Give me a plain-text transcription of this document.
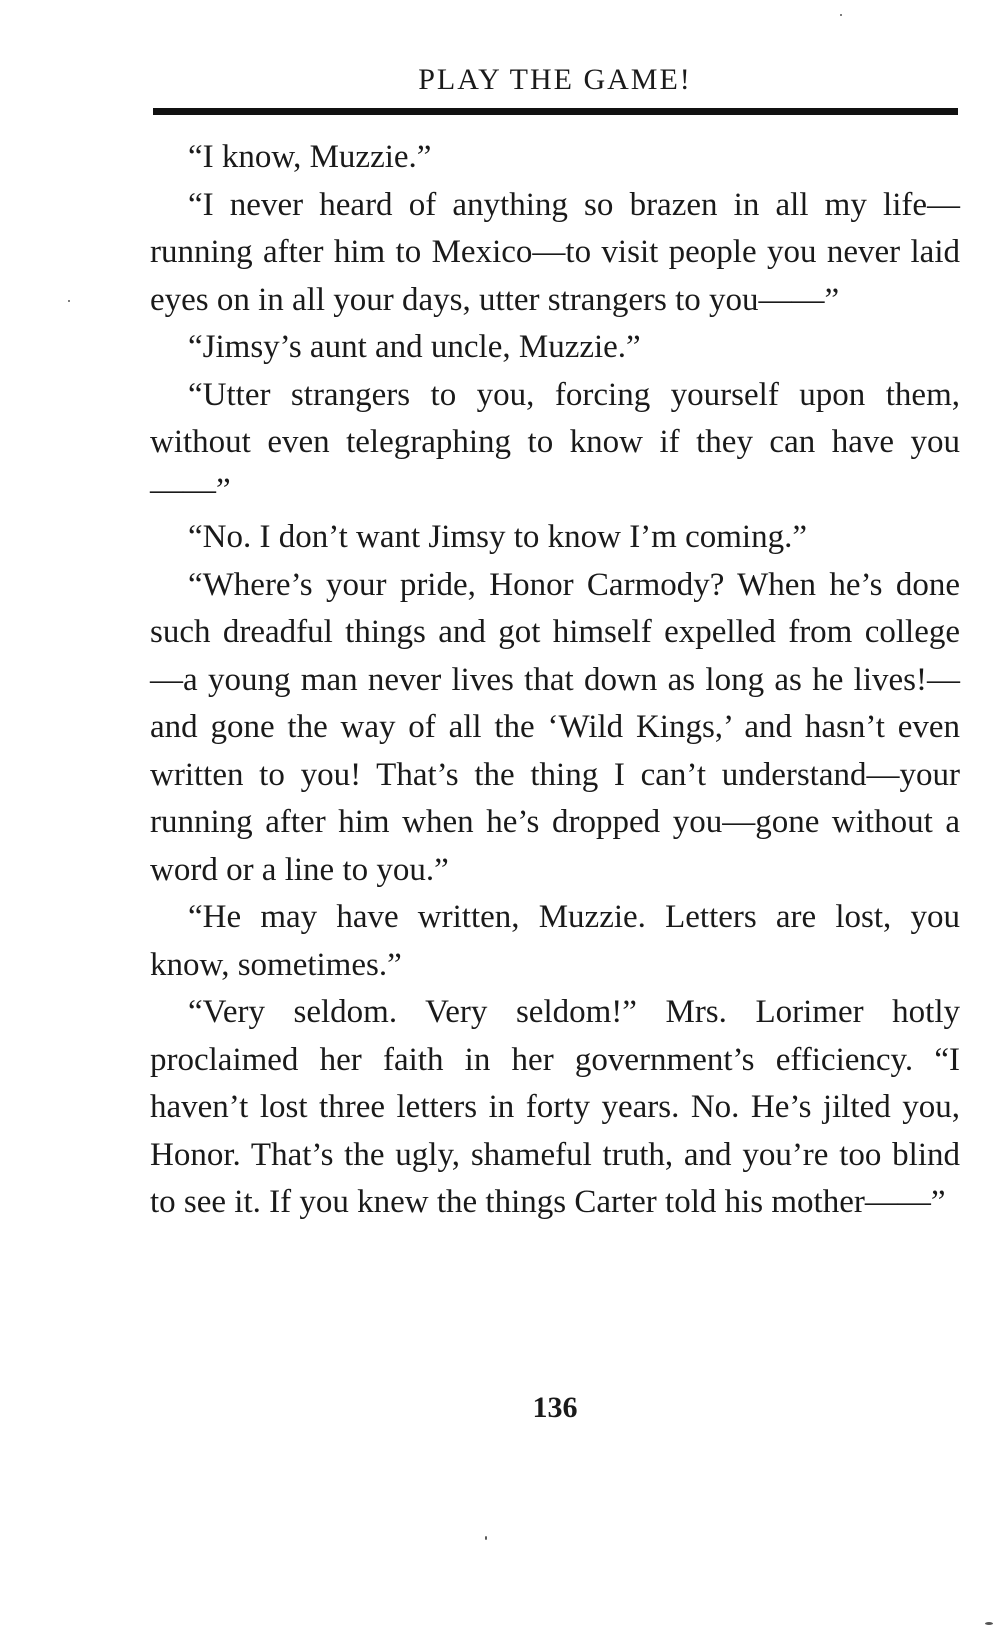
PLAY THE GAME!

“I know, Muzzie.”

“I never heard of anything so brazen in all my life—running after him to Mexico—to visit people you never laid eyes on in all your days, utter strangers to you——”

“Jimsy’s aunt and uncle, Muzzie.”

“Utter strangers to you, forcing yourself upon them, without even telegraphing to know if they can have you——”

“No. I don’t want Jimsy to know I’m coming.”

“Where’s your pride, Honor Carmody? When he’s done such dreadful things and got himself expelled from college—a young man never lives that down as long as he lives!—and gone the way of all the ‘Wild Kings,’ and hasn’t even written to you! That’s the thing I can’t understand—your running after him when he’s dropped you—gone without a word or a line to you.”

“He may have written, Muzzie. Letters are lost, you know, sometimes.”

“Very seldom. Very seldom!” Mrs. Lorimer hotly proclaimed her faith in her government’s efficiency. “I haven’t lost three letters in forty years. No. He’s jilted you, Honor. That’s the ugly, shameful truth, and you’re too blind to see it. If you knew the things Carter told his mother——”

136
